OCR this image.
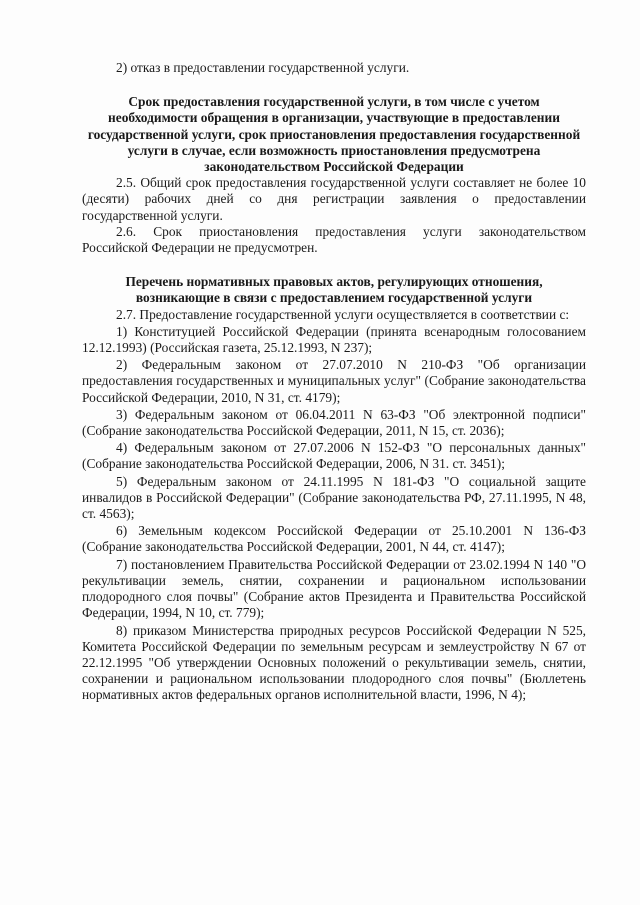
2) отказ в предоставлении государственной услуги.

Срок предоставления государственной услуги, в том числе с учетом необходимости обращения в организации, участвующие в предоставлении государственной услуги, срок приостановления предоставления государственной услуги в случае, если возможность приостановления предусмотрена законодательством Российской Федерации

2.5. Общий срок предоставления государственной услуги составляет не более 10 (десяти) рабочих дней со дня регистрации заявления о предоставлении государственной услуги.

2.6. Срок приостановления предоставления услуги законодательством Российской Федерации не предусмотрен.

Перечень нормативных правовых актов, регулирующих отношения, возникающие в связи с предоставлением государственной услуги

2.7. Предоставление государственной услуги осуществляется в соответствии с:

1) Конституцией Российской Федерации (принята всенародным голосованием 12.12.1993) (Российская газета, 25.12.1993, N 237);

2) Федеральным законом от 27.07.2010 N 210-ФЗ "Об организации предоставления государственных и муниципальных услуг" (Собрание законодательства Российской Федерации, 2010, N 31, ст. 4179);

3) Федеральным законом от 06.04.2011 N 63-ФЗ "Об электронной подписи" (Собрание законодательства Российской Федерации, 2011, N 15, ст. 2036);

4) Федеральным законом от 27.07.2006 N 152-ФЗ "О персональных данных" (Собрание законодательства Российской Федерации, 2006, N 31. ст. 3451);

5) Федеральным законом от 24.11.1995 N 181-ФЗ "О социальной защите инвалидов в Российской Федерации" (Собрание законодательства РФ, 27.11.1995, N 48, ст. 4563);

6) Земельным кодексом Российской Федерации от 25.10.2001 N 136-ФЗ (Собрание законодательства Российской Федерации, 2001, N 44, ст. 4147);

7) постановлением Правительства Российской Федерации от 23.02.1994 N 140 "О рекультивации земель, снятии, сохранении и рациональном использовании плодородного слоя почвы" (Собрание актов Президента и Правительства Российской Федерации, 1994, N 10, ст. 779);

8) приказом Министерства природных ресурсов Российской Федерации N 525, Комитета Российской Федерации по земельным ресурсам и землеустройству N 67 от 22.12.1995 "Об утверждении Основных положений о рекультивации земель, снятии, сохранении и рациональном использовании плодородного слоя почвы" (Бюллетень нормативных актов федеральных органов исполнительной власти, 1996, N 4);
